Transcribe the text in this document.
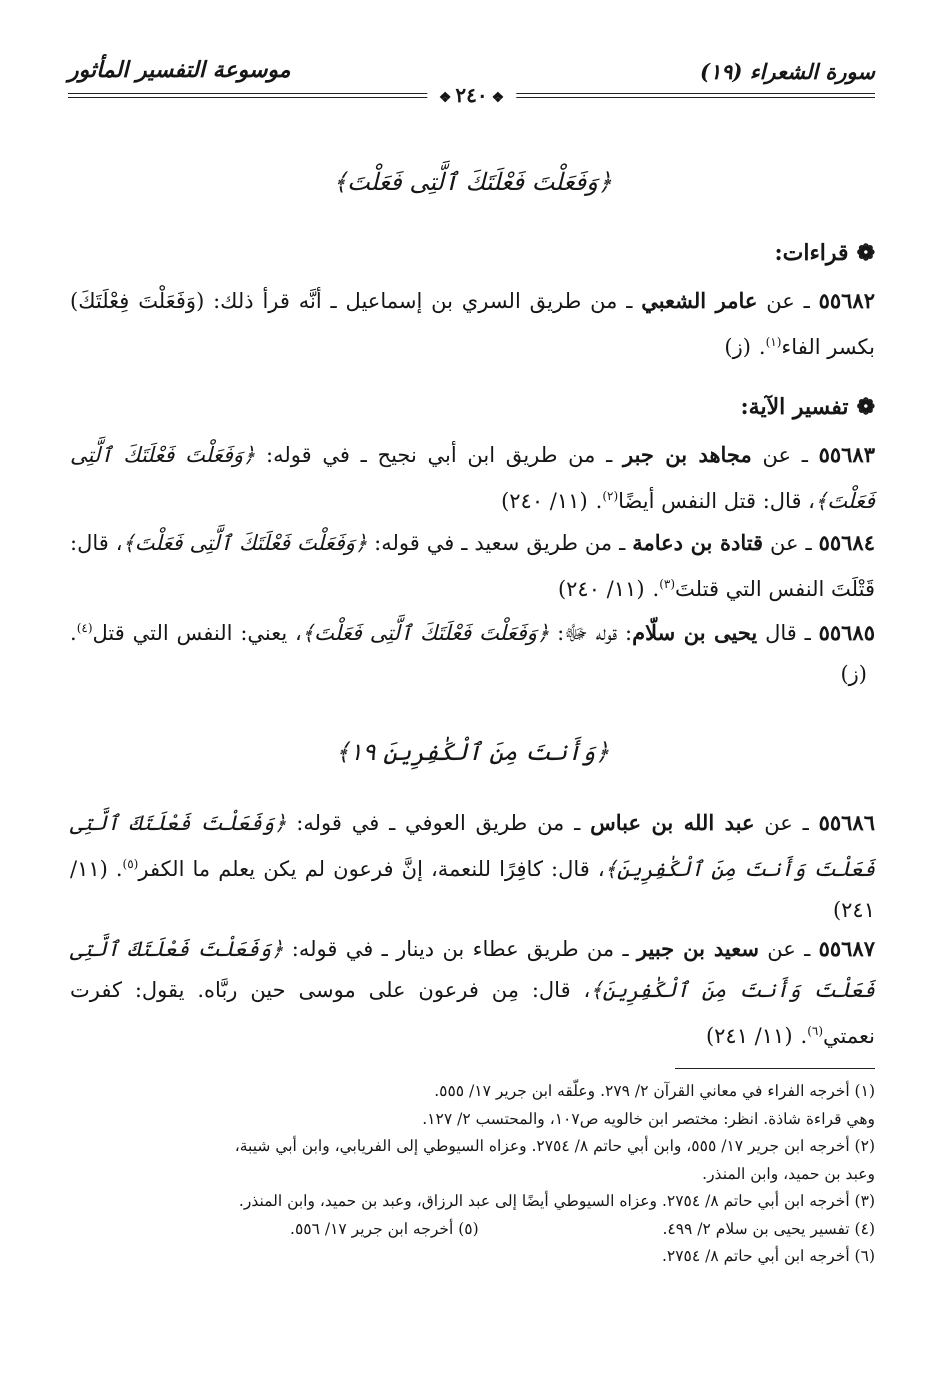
سورة الشعراء (١٩)
موسوعة التفسير المأثور
❖٢٤٠❖
﴿وَفَعَلْتَ فَعْلَتَكَ ٱلَّتِى فَعَلْتَ﴾
❁قراءات:
٥٥٦٨٢ ـ عن عامر الشعبي ـ من طريق السري بن إسماعيل ـ أنَّه قرأ ذلك: (وَفَعَلْتَ فِعْلَتَكَ) بكسر الفاء$^{(١)}$.(ز)
❁تفسير الآية:
٥٥٦٨٣ ـ عن مجاهد بن جبر ـ من طريق ابن أبي نجيح ـ في قوله: ﴿وَفَعَلْتَ فَعْلَتَكَ ٱلَّتِى فَعَلْتَ﴾، قال: قتل النفس أيضًا$^{(٢)}$.(١١/ ٢٤٠)
٥٥٦٨٤ ـ عن قتادة بن دعامة ـ من طريق سعيد ـ في قوله: ﴿وَفَعَلْتَ فَعْلَتَكَ ٱلَّتِى فَعَلْتَ﴾، قال: قَتْلَتَ النفس التي قتلتَ$^{(٣)}$.(١١/ ٢٤٠)
٥٥٦٨٥ ـ قال يحيى بن سلّام: قوله ﷻ: ﴿وَفَعَلْتَ فَعْلَتَكَ ٱلَّتِى فَعَلْتَ﴾، يعني: النفس التي قتل$^{(٤)}$.(ز)
﴿وَأَنتَ مِنَ ٱلْكَٰفِرِينَ ١٩﴾
٥٥٦٨٦ ـ عن عبد الله بن عباس ـ من طريق العوفي ـ في قوله: ﴿وَفَعَلْتَ فَعْلَتَكَ ٱلَّتِى فَعَلْتَ وَأَنتَ مِنَ ٱلْكَٰفِرِينَ﴾، قال: كافِرًا للنعمة، إنَّ فرعون لم يكن يعلم ما الكفر$^{(٥)}$.(١١/ ٢٤١)
٥٥٦٨٧ ـ عن سعيد بن جبير ـ من طريق عطاء بن دينار ـ في قوله: ﴿وَفَعَلْتَ فَعْلَتَكَ ٱلَّتِى فَعَلْتَ وَأَنتَ مِنَ ٱلْكَٰفِرِينَ﴾، قال: مِن فرعون على موسى حين ربَّاه. يقول: كفرت نعمتي$^{(٦)}$.(١١/ ٢٤١)
(١) أخرجه الفراء في معاني القرآن ٢/ ٢٧٩. وعلّقه ابن جرير ١٧/ ٥٥٥.
وهي قراءة شاذة. انظر: مختصر ابن خالويه ص١٠٧، والمحتسب ٢/ ١٢٧.
(٢) أخرجه ابن جرير ١٧/ ٥٥٥، وابن أبي حاتم ٨/ ٢٧٥٤. وعزاه السيوطي إلى الفريابي، وابن أبي شيبة،
وعبد بن حميد، وابن المنذر.
(٣) أخرجه ابن أبي حاتم ٨/ ٢٧٥٤. وعزاه السيوطي أيضًا إلى عبد الرزاق، وعبد بن حميد، وابن المنذر.
(٤) تفسير يحيى بن سلام ٢/ ٤٩٩.
(٥) أخرجه ابن جرير ١٧/ ٥٥٦.
(٦) أخرجه ابن أبي حاتم ٨/ ٢٧٥٤.
